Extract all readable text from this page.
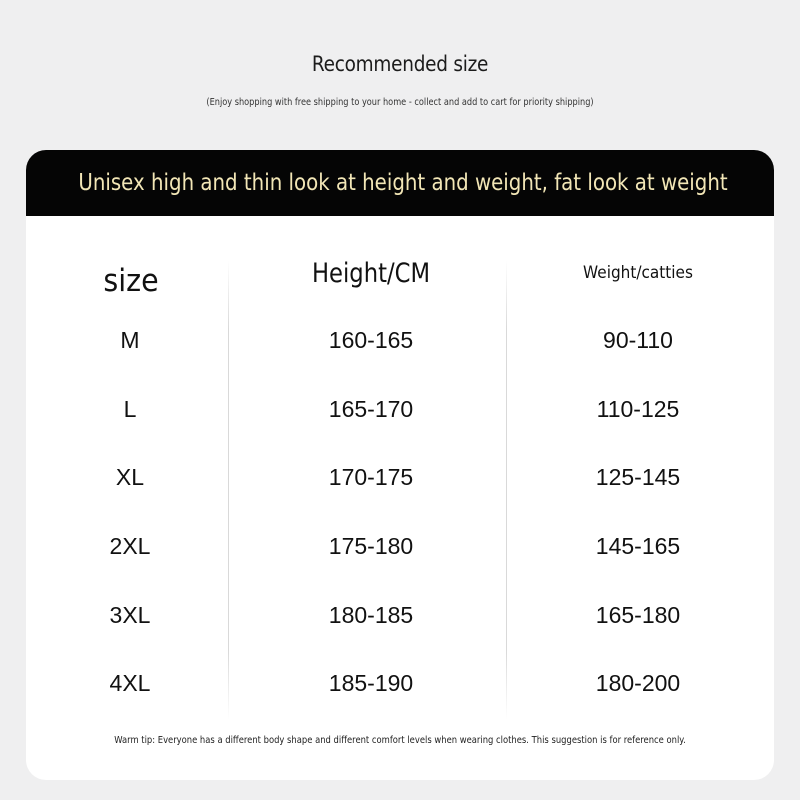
Recommended size
(Enjoy shopping with free shipping to your home - collect and add to cart for priority shipping)
Unisex high and thin look at height and weight, fat look at weight
size	Height/CM	Weight/catties
M	160-165	90-110
L	165-170	110-125
XL	170-175	125-145
2XL	175-180	145-165
3XL	180-185	165-180
4XL	185-190	180-200
Warm tip: Everyone has a different body shape and different comfort levels when wearing clothes. This suggestion is for reference only.
